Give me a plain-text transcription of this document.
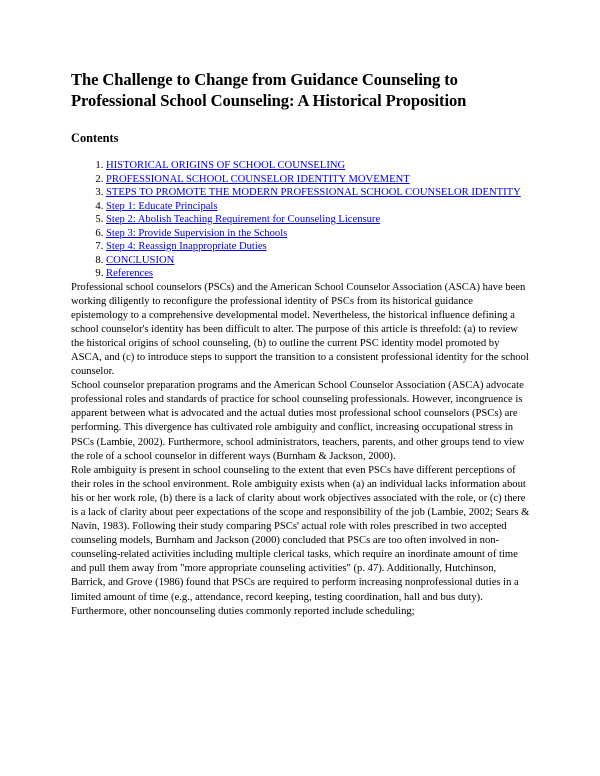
The Challenge to Change from Guidance Counseling to
Professional School Counseling: A Historical Proposition
Contents
1. HISTORICAL ORIGINS OF SCHOOL COUNSELING
2. PROFESSIONAL SCHOOL COUNSELOR IDENTITY MOVEMENT
3. STEPS TO PROMOTE THE MODERN PROFESSIONAL SCHOOL COUNSELOR IDENTITY
4. Step 1: Educate Principals
5. Step 2: Abolish Teaching Requirement for Counseling Licensure
6. Step 3: Provide Supervision in the Schools
7. Step 4: Reassign Inappropriate Duties
8. CONCLUSION
9. References

Professional school counselors (PSCs) and the American School Counselor Association (ASCA) have been working diligently to reconfigure the professional identity of PSCs from its historical guidance epistemology to a comprehensive developmental model. Nevertheless, the historical influence defining a school counselor's identity has been difficult to alter. The purpose of this article is threefold: (a) to review the historical origins of school counseling, (b) to outline the current PSC identity model promoted by ASCA, and (c) to introduce steps to support the transition to a consistent professional identity for the school counselor.

School counselor preparation programs and the American School Counselor Association (ASCA) advocate professional roles and standards of practice for school counseling professionals. However, incongruence is apparent between what is advocated and the actual duties most professional school counselors (PSCs) are performing. This divergence has cultivated role ambiguity and conflict, increasing occupational stress in PSCs (Lambie, 2002). Furthermore, school administrators, teachers, parents, and other groups tend to view the role of a school counselor in different ways (Burnham & Jackson, 2000).

Role ambiguity is present in school counseling to the extent that even PSCs have different perceptions of their roles in the school environment. Role ambiguity exists when (a) an individual lacks information about his or her work role, (b) there is a lack of clarity about work objectives associated with the role, or (c) there is a lack of clarity about peer expectations of the scope and responsibility of the job (Lambie, 2002; Sears & Navin, 1983). Following their study comparing PSCs' actual role with roles prescribed in two accepted counseling models, Burnham and Jackson (2000) concluded that PSCs are too often involved in non-counseling-related activities including multiple clerical tasks, which require an inordinate amount of time and pull them away from "more appropriate counseling activities" (p. 47). Additionally, Hutchinson, Barrick, and Grove (1986) found that PSCs are required to perform increasing nonprofessional duties in a limited amount of time (e.g., attendance, record keeping, testing coordination, hall and bus duty). Furthermore, other noncounseling duties commonly reported include scheduling;
